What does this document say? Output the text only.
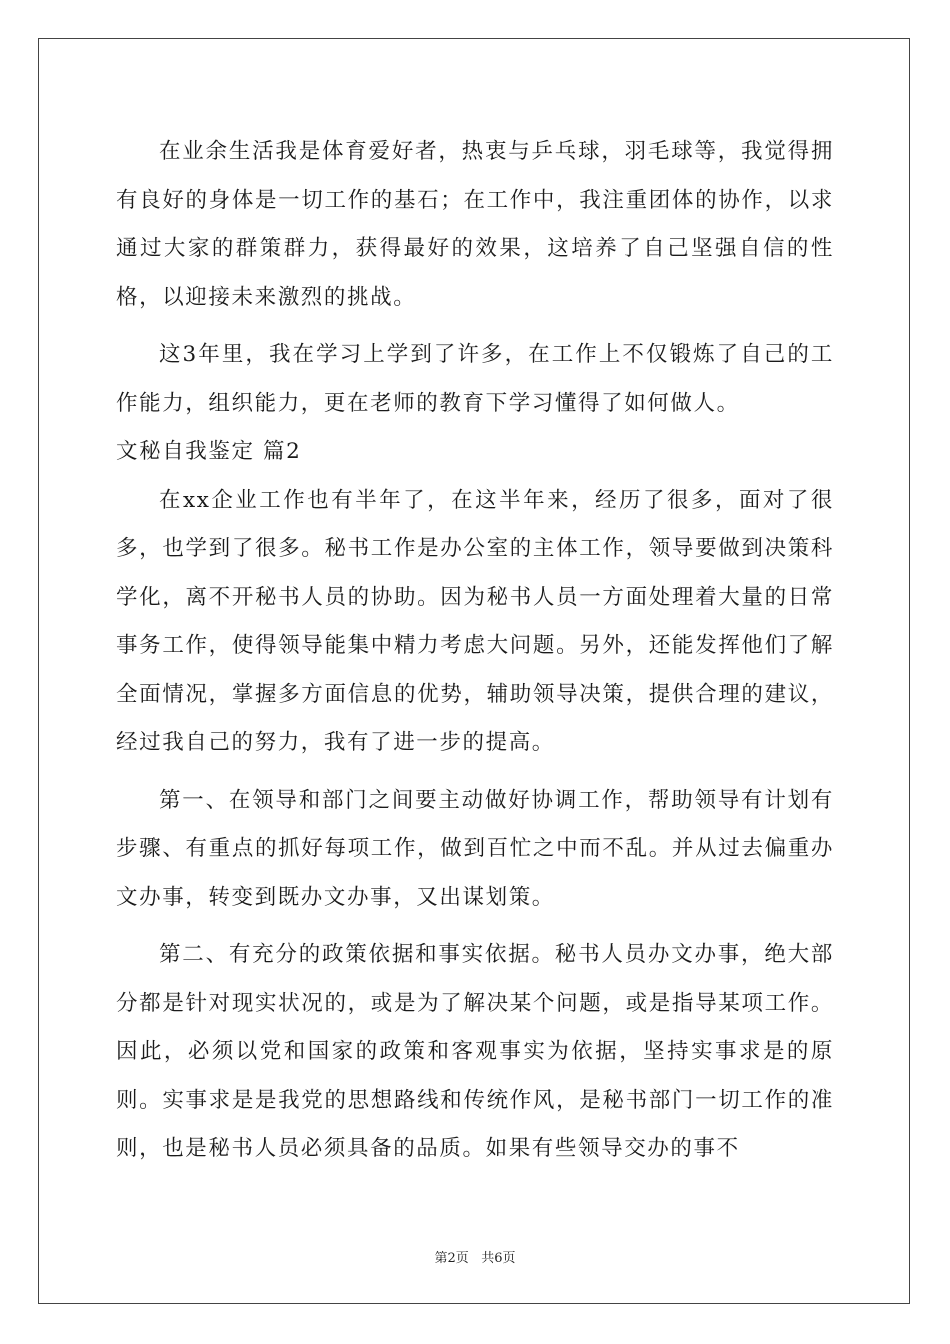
在业余生活我是体育爱好者，热衷与乒乓球，羽毛球等，我觉得拥有良好的身体是一切工作的基石；在工作中，我注重团体的协作，以求通过大家的群策群力，获得最好的效果，这培养了自己坚强自信的性格，以迎接未来激烈的挑战。

这3年里，我在学习上学到了许多，在工作上不仅锻炼了自己的工作能力，组织能力，更在老师的教育下学习懂得了如何做人。

文秘自我鉴定 篇2

在xx企业工作也有半年了，在这半年来，经历了很多，面对了很多，也学到了很多。秘书工作是办公室的主体工作，领导要做到决策科学化，离不开秘书人员的协助。因为秘书人员一方面处理着大量的日常事务工作，使得领导能集中精力考虑大问题。另外，还能发挥他们了解全面情况，掌握多方面信息的优势，辅助领导决策，提供合理的建议，经过我自己的努力，我有了进一步的提高。

第一、在领导和部门之间要主动做好协调工作，帮助领导有计划有步骤、有重点的抓好每项工作，做到百忙之中而不乱。并从过去偏重办文办事，转变到既办文办事，又出谋划策。

第二、有充分的政策依据和事实依据。秘书人员办文办事，绝大部分都是针对现实状况的，或是为了解决某个问题，或是指导某项工作。因此，必须以党和国家的政策和客观事实为依据，坚持实事求是的原则。实事求是是我党的思想路线和传统作风，是秘书部门一切工作的准则，也是秘书人员必须具备的品质。如果有些领导交办的事不

第2页 共6页
